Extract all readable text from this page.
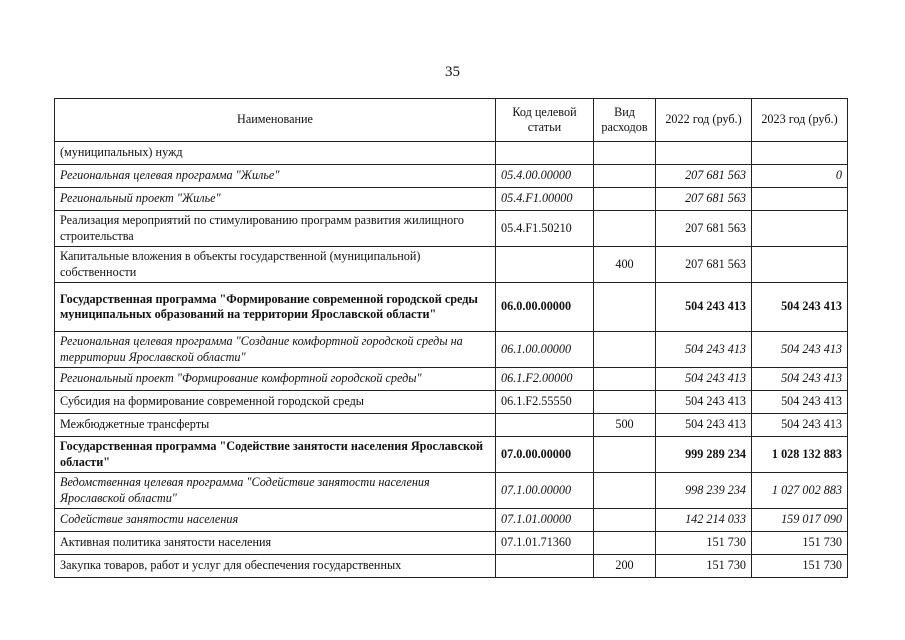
35
Наименование	Код целевой статьи	Вид расходов	2022 год (руб.)	2023 год (руб.)
(муниципальных) нужд				
Региональная целевая программа "Жилье"	05.4.00.00000		207 681 563	0
Региональный проект "Жилье"	05.4.F1.00000		207 681 563	
Реализация мероприятий по стимулированию программ развития жилищного строительства	05.4.F1.50210		207 681 563	
Капитальные вложения в объекты государственной (муниципальной) собственности		400	207 681 563	
Государственная программа "Формирование современной городской среды муниципальных образований на территории Ярославской области"	06.0.00.00000		504 243 413	504 243 413
Региональная целевая программа "Создание комфортной городской среды на территории Ярославской области"	06.1.00.00000		504 243 413	504 243 413
Региональный проект "Формирование комфортной городской среды"	06.1.F2.00000		504 243 413	504 243 413
Субсидия на формирование современной городской среды	06.1.F2.55550		504 243 413	504 243 413
Межбюджетные трансферты		500	504 243 413	504 243 413
Государственная программа "Содействие занятости населения Ярославской области"	07.0.00.00000		999 289 234	1 028 132 883
Ведомственная целевая программа "Содействие занятости населения Ярославской области"	07.1.00.00000		998 239 234	1 027 002 883
Содействие занятости населения	07.1.01.00000		142 214 033	159 017 090
Активная политика занятости населения	07.1.01.71360		151 730	151 730
Закупка товаров, работ и услуг для обеспечения государственных		200	151 730	151 730
